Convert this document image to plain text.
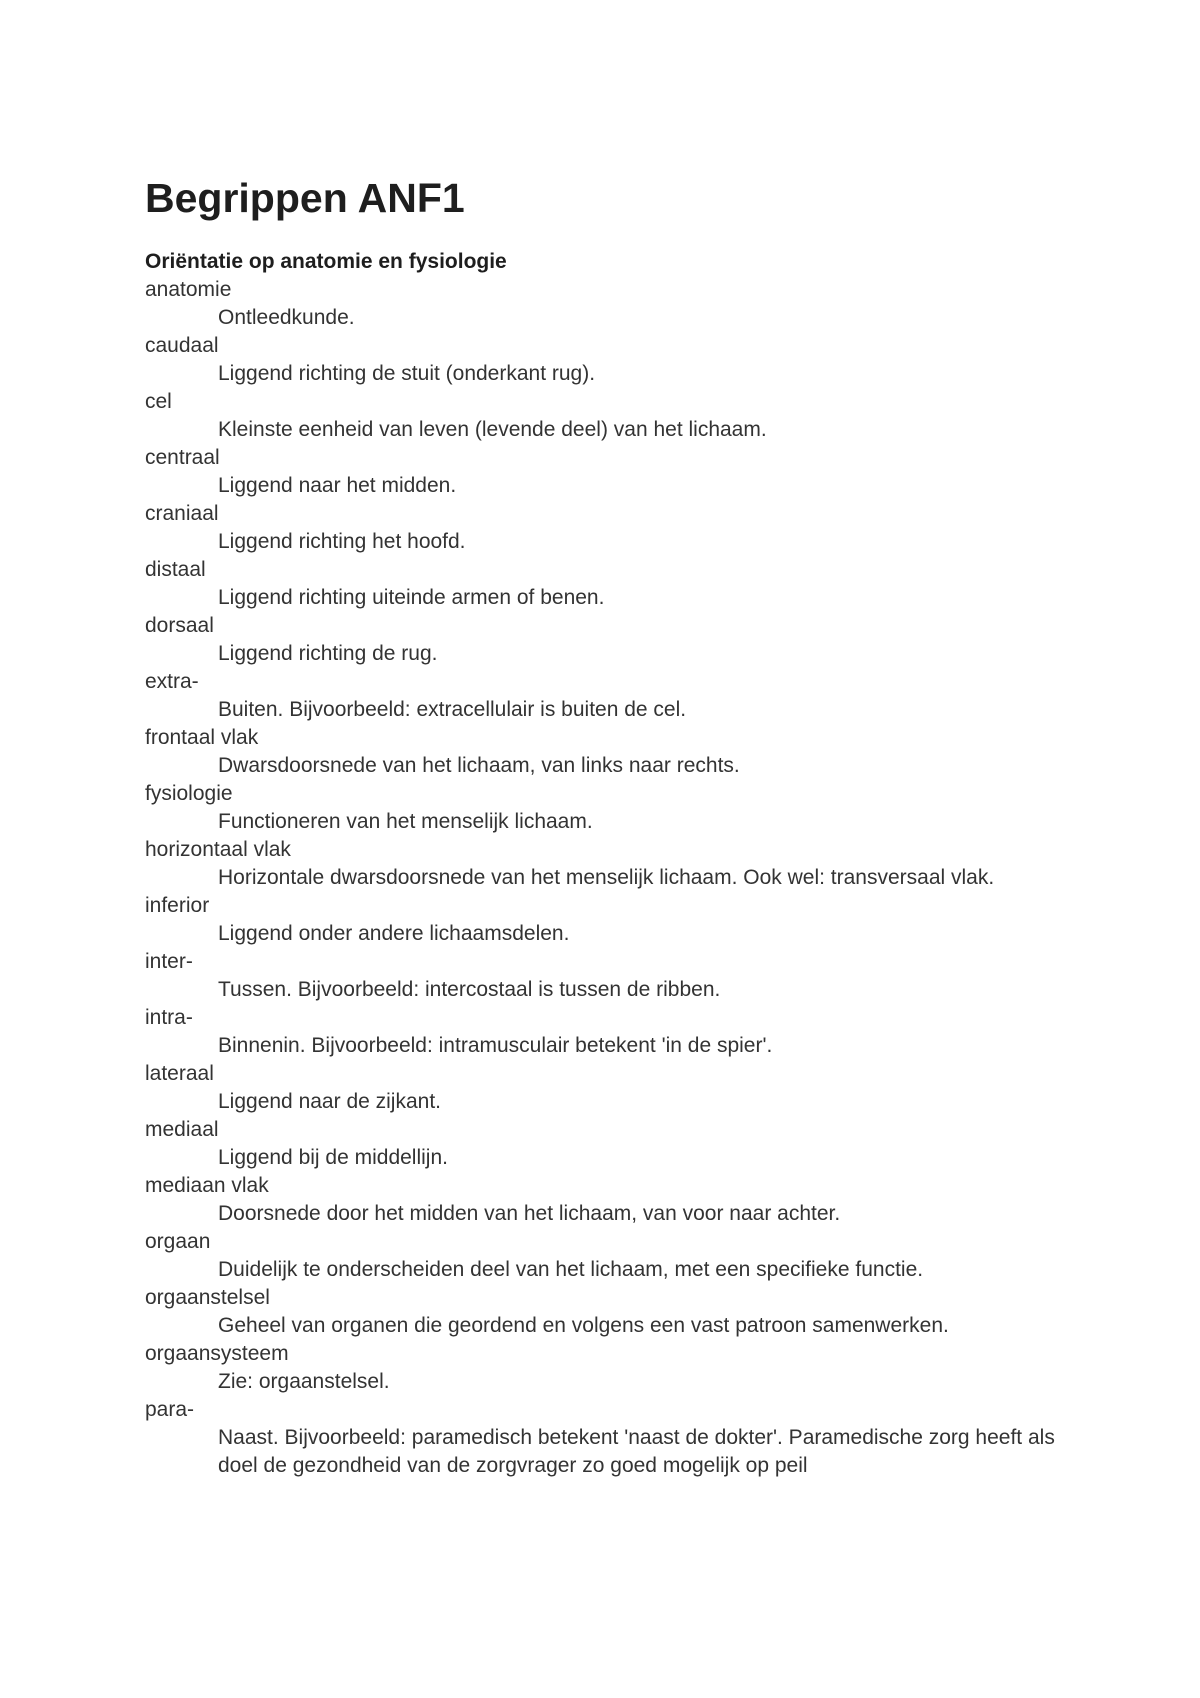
Begrippen ANF1
Oriëntatie op anatomie en fysiologie
anatomie
Ontleedkunde.
caudaal
Liggend richting de stuit (onderkant rug).
cel
Kleinste eenheid van leven (levende deel) van het lichaam.
centraal
Liggend naar het midden.
craniaal
Liggend richting het hoofd.
distaal
Liggend richting uiteinde armen of benen.
dorsaal
Liggend richting de rug.
extra-
Buiten. Bijvoorbeeld: extracellulair is buiten de cel.
frontaal vlak
Dwarsdoorsnede van het lichaam, van links naar rechts.
fysiologie
Functioneren van het menselijk lichaam.
horizontaal vlak
Horizontale dwarsdoorsnede van het menselijk lichaam. Ook wel: transversaal vlak.
inferior
Liggend onder andere lichaamsdelen.
inter-
Tussen. Bijvoorbeeld: intercostaal is tussen de ribben.
intra-
Binnenin. Bijvoorbeeld: intramusculair betekent 'in de spier'.
lateraal
Liggend naar de zijkant.
mediaal
Liggend bij de middellijn.
mediaan vlak
Doorsnede door het midden van het lichaam, van voor naar achter.
orgaan
Duidelijk te onderscheiden deel van het lichaam, met een specifieke functie.
orgaanstelsel
Geheel van organen die geordend en volgens een vast patroon samenwerken.
orgaansysteem
Zie: orgaanstelsel.
para-
Naast. Bijvoorbeeld: paramedisch betekent 'naast de dokter'. Paramedische zorg heeft als doel de gezondheid van de zorgvrager zo goed mogelijk op peil
